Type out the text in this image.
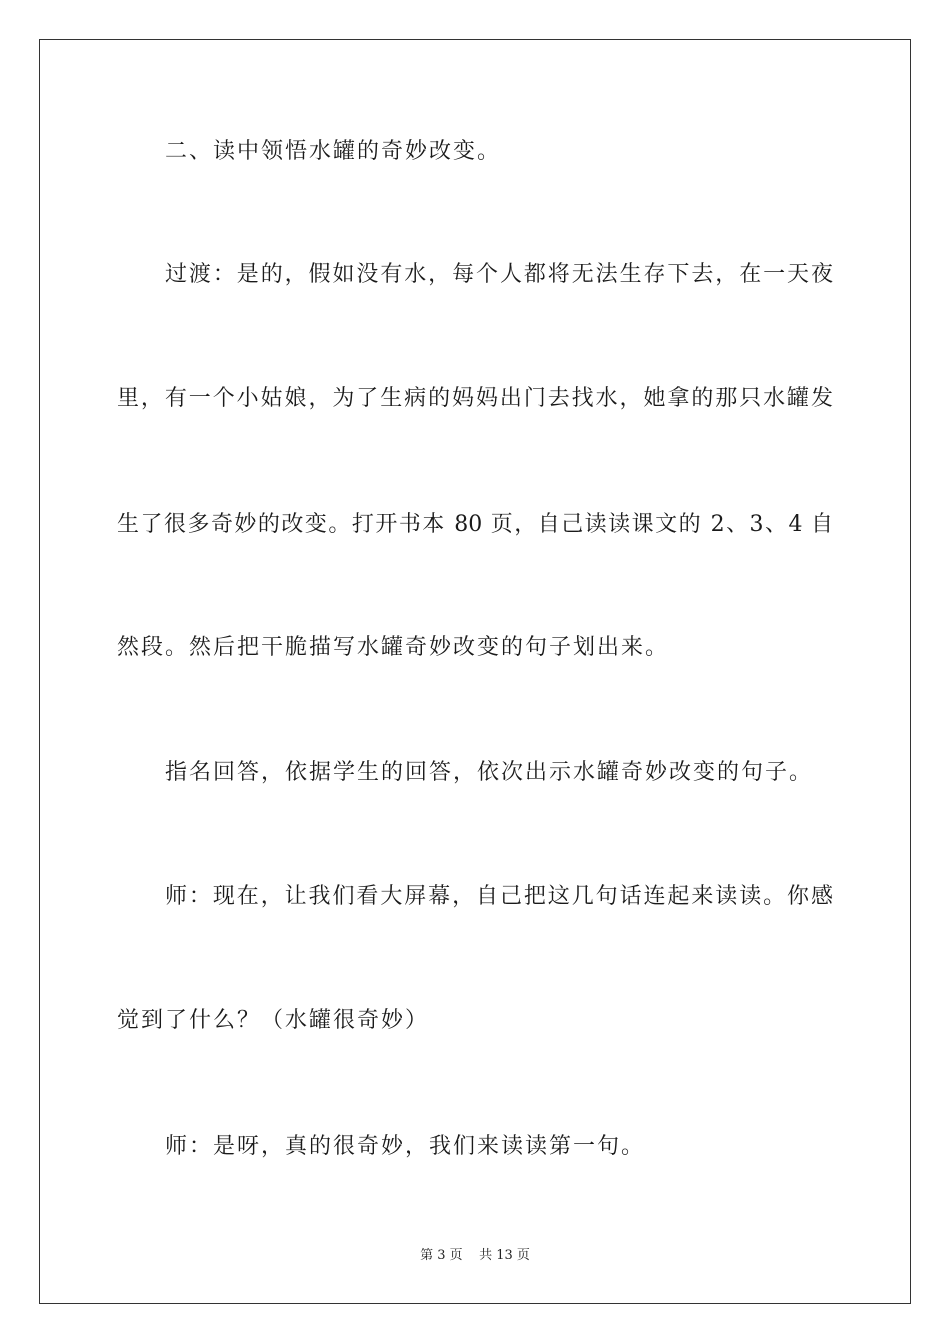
二、读中领悟水罐的奇妙改变。
过渡：是的，假如没有水，每个人都将无法生存下去，在一天夜
里，有一个小姑娘，为了生病的妈妈出门去找水，她拿的那只水罐发
生了很多奇妙的改变。打开书本 80 页，自己读读课文的 2、3、4 自
然段。然后把干脆描写水罐奇妙改变的句子划出来。
指名回答，依据学生的回答，依次出示水罐奇妙改变的句子。
师：现在，让我们看大屏幕，自己把这几句话连起来读读。你感
觉到了什么？（水罐很奇妙）
师：是呀，真的很奇妙，我们来读读第一句。
第 3 页    共 13 页
